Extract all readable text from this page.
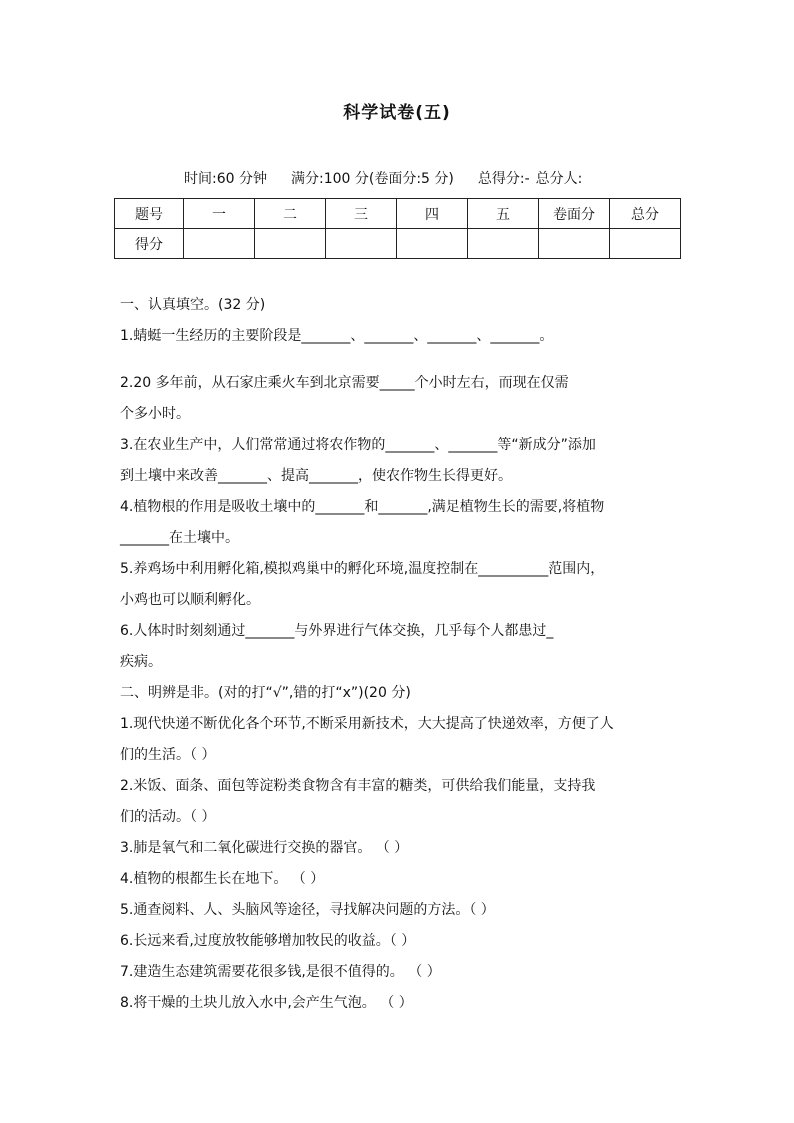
科学试卷(五)
时间:60 分钟 满分:100 分(卷面分:5 分) 总得分:- 总分人:
题号	一	二	三	四	五	卷面分	总分
得分							
一、认真填空。(32 分)
1.蜻蜓一生经历的主要阶段是_______、_______、_______、_______。
2.20 多年前，从石家庄乘火车到北京需要_____个小时左右，而现在仅需
个多小时。
3.在农业生产中，人们常常通过将农作物的_______、_______等“新成分”添加
到土壤中来改善_______、提高_______，使农作物生长得更好。
4.植物根的作用是吸收土壤中的_______和_______,满足植物生长的需要,将植物
_______在土壤中。
5.养鸡场中利用孵化箱,模拟鸡巢中的孵化环境,温度控制在__________范围内，
小鸡也可以顺利孵化。
6.人体时时刻刻通过_______与外界进行气体交换，几乎每个人都患过_
疾病。
二、明辨是非。(对的打“√”,错的打“x”)(20 分)
1.现代快递不断优化各个环节,不断采用新技术，大大提高了快递效率，方便了人
们的生活。（ ）
2.米饭、面条、面包等淀粉类食物含有丰富的糖类，可供给我们能量，支持我
们的活动。（ ）
3.肺是氧气和二氧化碳进行交换的器官。 （ ）
4.植物的根都生长在地下。 （ ）
5.通查阅料、人、头脑风等途径，寻找解决问题的方法。（ ）
6.长远来看,过度放牧能够增加牧民的收益。（ ）
7.建造生态建筑需要花很多钱,是很不值得的。 （ ）
8.将干燥的土块儿放入水中,会产生气泡。 （ ）
